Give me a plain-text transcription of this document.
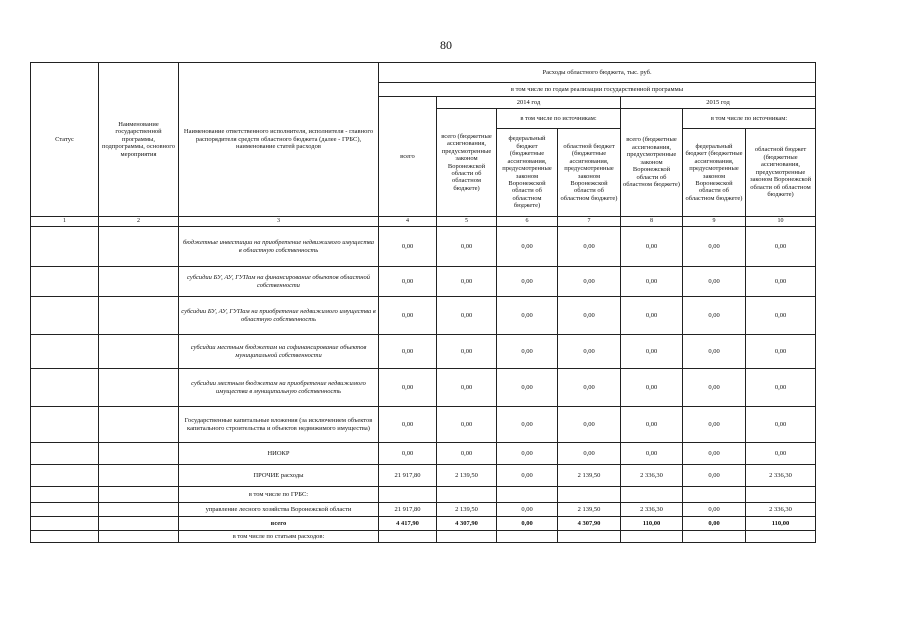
80
Статус	Наименование государственной программы, подпрограммы, основного мероприятия	Наименование ответственного исполнителя, исполнителя - главного распорядителя средств областного бюджета (далее - ГРБС), наименование статей расходов	Расходы областного бюджета, тыс. руб.						
			в том числе по годам реализации государственной программы						
			всего	2014 год			2015 год		
				всего (бюджетные ассигнования, предусмотренные законом Воронежской области об областном бюджете)	в том числе по источникам:		всего (бюджетные ассигнования, предусмотренные законом Воронежской области об областном бюджете)	в том числе по источникам:	
					федеральный бюджет (бюджетные ассигнования, предусмотренные законом Воронежской области об областном бюджете)	областной бюджет (бюджетные ассигнования, предусмотренные законом Воронежской области об областном бюджете)		федеральный бюджет (бюджетные ассигнования, предусмотренные законом Воронежской области об областном бюджете)	областной бюджет (бюджетные ассигнования, предусмотренные законом Воронежской области об областном бюджете)
1	2	3	4	5	6	7	8	9	10
		бюджетные инвестиции на приобретение недвижимого имущества в областную собственность	0,00	0,00	0,00	0,00	0,00	0,00	0,00
		субсидии БУ, АУ, ГУПам на финансирование объектов областной собственности	0,00	0,00	0,00	0,00	0,00	0,00	0,00
		субсидии БУ, АУ, ГУПам на приобретение недвижимого имущества в областную собственность	0,00	0,00	0,00	0,00	0,00	0,00	0,00
		субсидии местным бюджетам на софинансирование объектов муниципальной собственности	0,00	0,00	0,00	0,00	0,00	0,00	0,00
		субсидии местным бюджетам на приобретение недвижимого имущества в муниципальную собственность	0,00	0,00	0,00	0,00	0,00	0,00	0,00
		Государственные капитальные вложения (за исключением объектов капитального строительства и объектов недвижимого имущества)	0,00	0,00	0,00	0,00	0,00	0,00	0,00
		НИОКР	0,00	0,00	0,00	0,00	0,00	0,00	0,00
		ПРОЧИЕ расходы	21 917,80	2 139,50	0,00	2 139,50	2 336,30	0,00	2 336,30
		в том числе по ГРБС:							
		управление лесного хозяйства Воронежской области	21 917,80	2 139,50	0,00	2 139,50	2 336,30	0,00	2 336,30
		всего	4 417,90	4 307,90	0,00	4 307,90	110,00	0,00	110,00
		в том числе по статьям расходов:							
